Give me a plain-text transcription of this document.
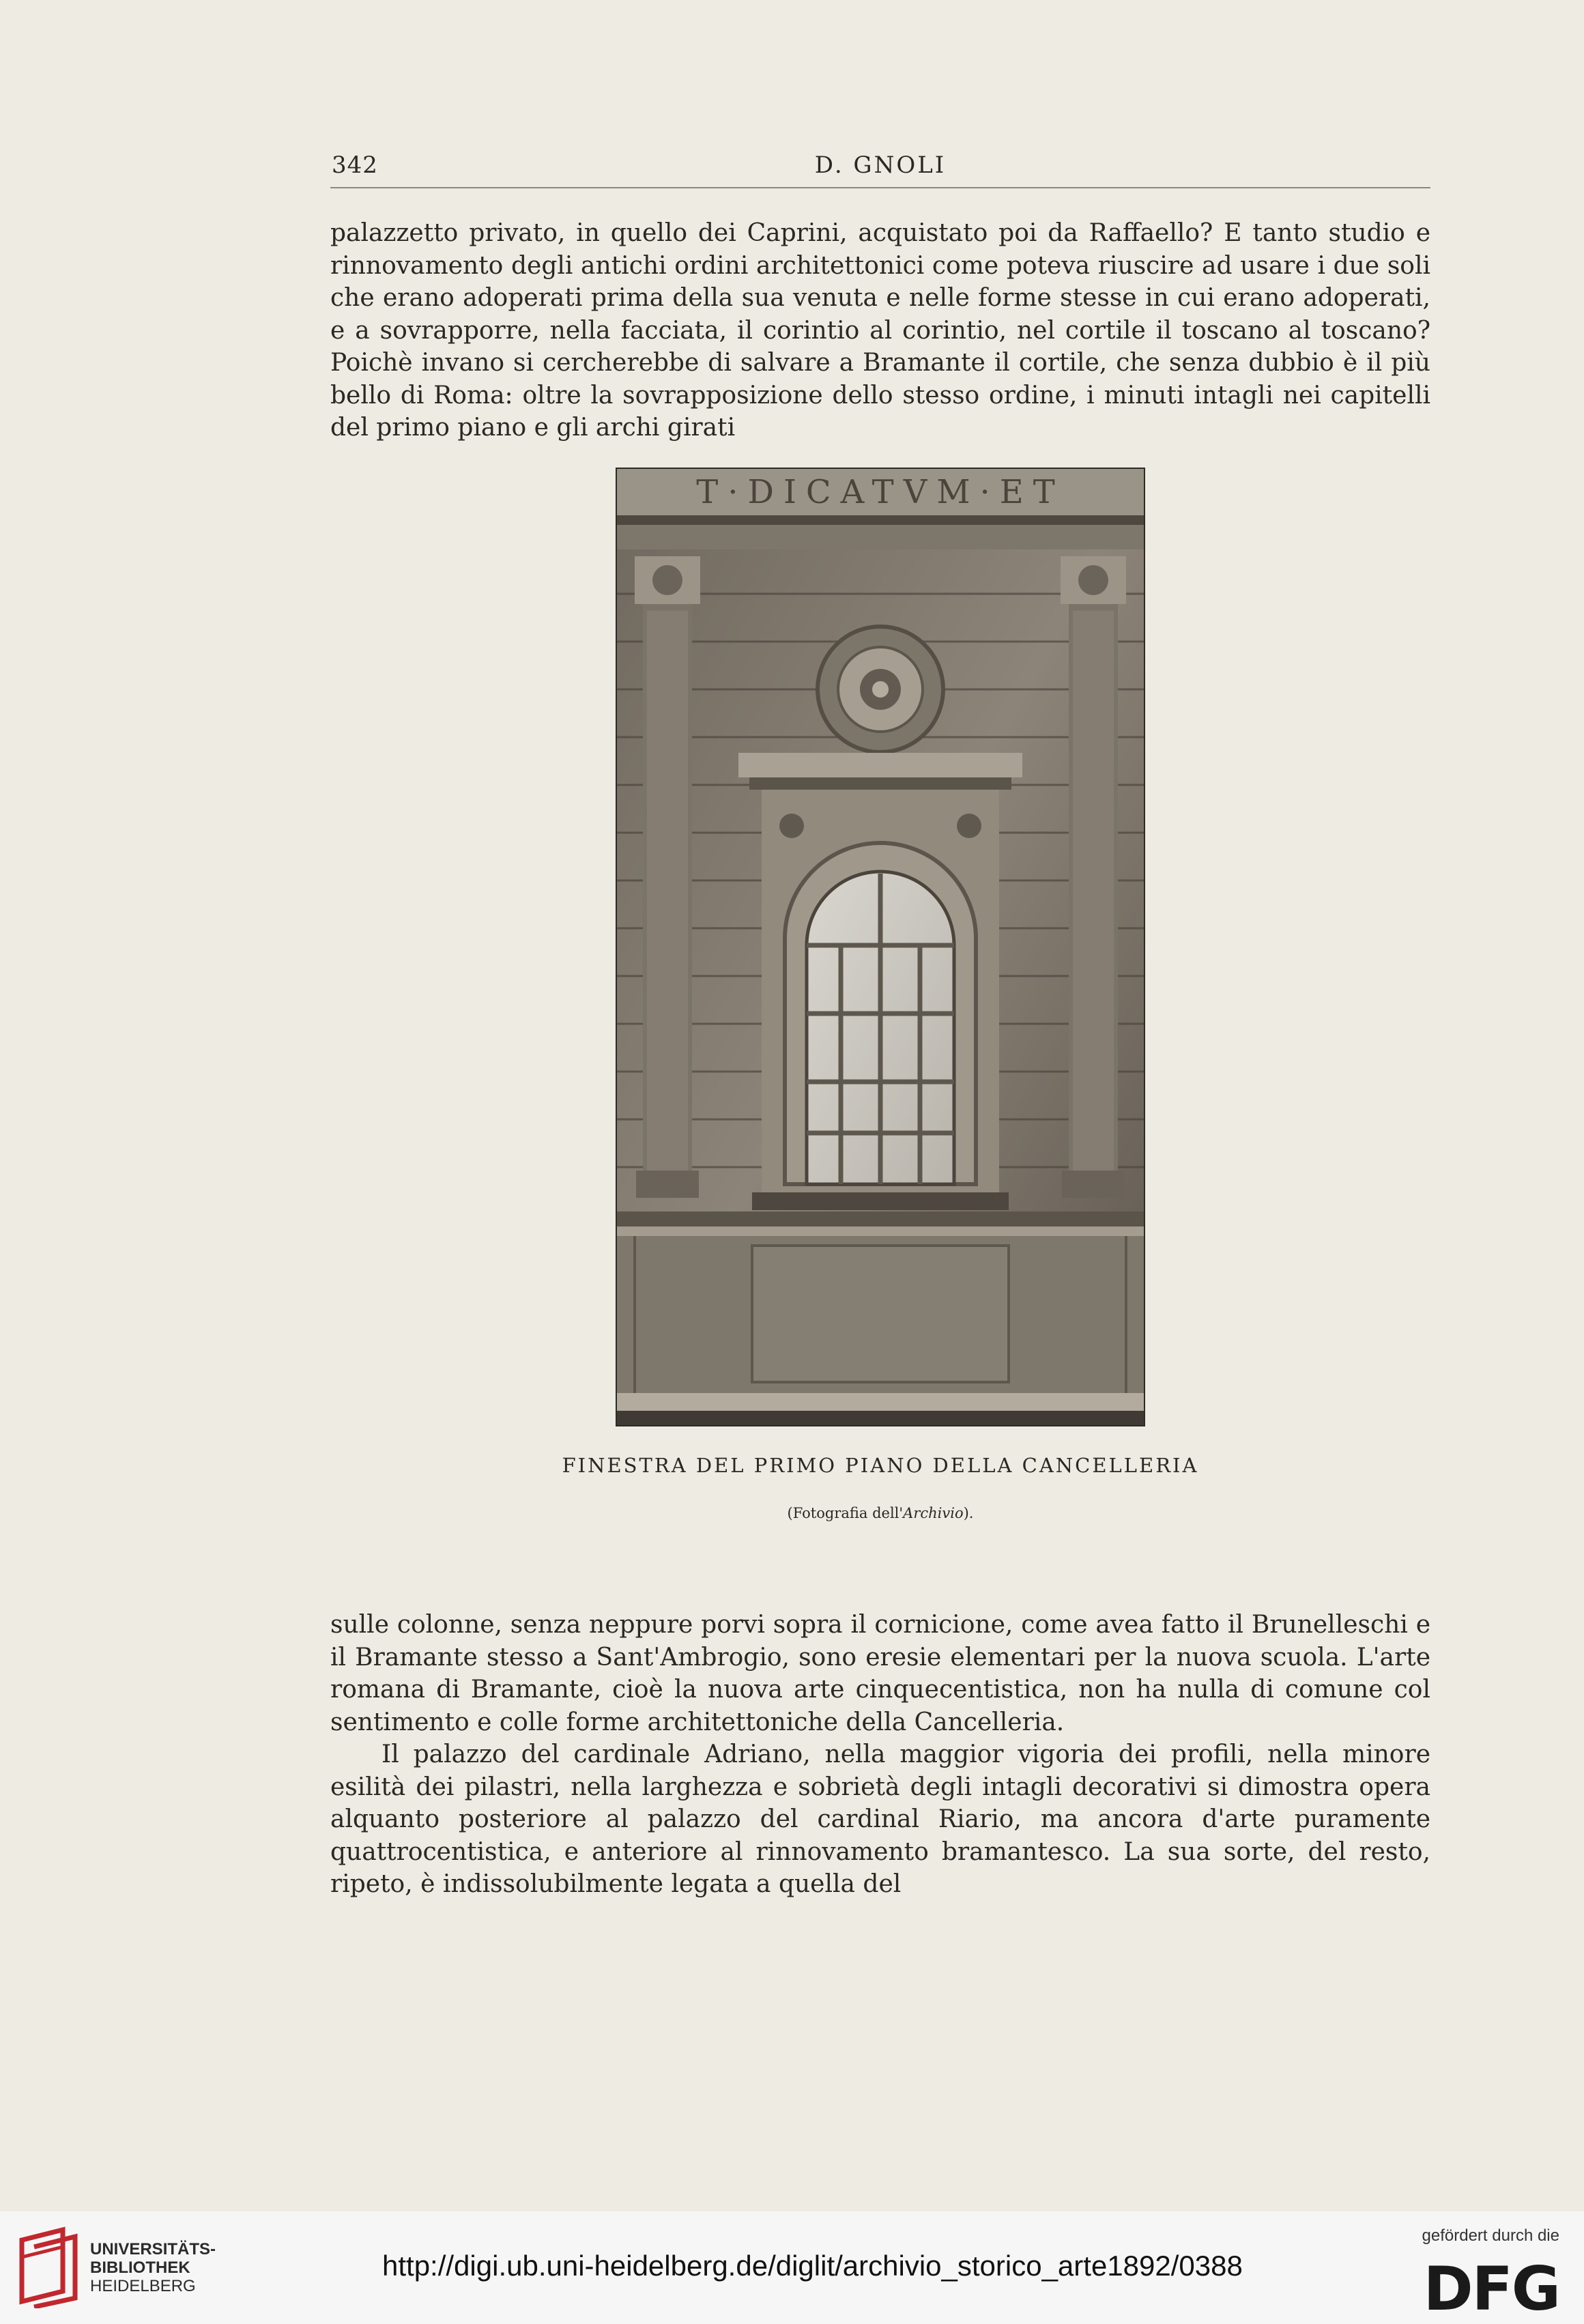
342	D. GNOLI

palazzetto privato, in quello dei Caprini, acquistato poi da Raffaello? E tanto studio e rinnovamento degli antichi ordini architettonici come poteva riuscire ad usare i due soli che erano adoperati prima della sua venuta e nelle forme stesse in cui erano adoperati, e a sovrapporre, nella facciata, il corintio al corintio, nel cortile il toscano al toscano? Poichè invano si cercherebbe di salvare a Bramante il cortile, che senza dubbio è il più bello di Roma: oltre la sovrapposizione dello stesso ordine, i minuti intagli nei capitelli del primo piano e gli archi girati

T·DICATVM·ET
FINESTRA DEL PRIMO PIANO DELLA CANCELLERIA
(Fotografia dell'Archivio).

sulle colonne, senza neppure porvi sopra il cornicione, come avea fatto il Brunelleschi e il Bramante stesso a Sant'Ambrogio, sono eresie elementari per la nuova scuola. L'arte romana di Bramante, cioè la nuova arte cinquecentistica, non ha nulla di comune col sentimento e colle forme architettoniche della Cancelleria.

Il palazzo del cardinale Adriano, nella maggior vigoria dei profili, nella minore esilità dei pilastri, nella larghezza e sobrietà degli intagli decorativi si dimostra opera alquanto posteriore al palazzo del cardinal Riario, ma ancora d'arte puramente quattrocentistica, e anteriore al rinnovamento bramantesco. La sua sorte, del resto, ripeto, è indissolubilmente legata a quella del

UNIVERSITÄTS-
BIBLIOTHEK
HEIDELBERG
http://digi.ub.uni-heidelberg.de/diglit/archivio_storico_arte1892/0388
gefördert durch die
DFG
